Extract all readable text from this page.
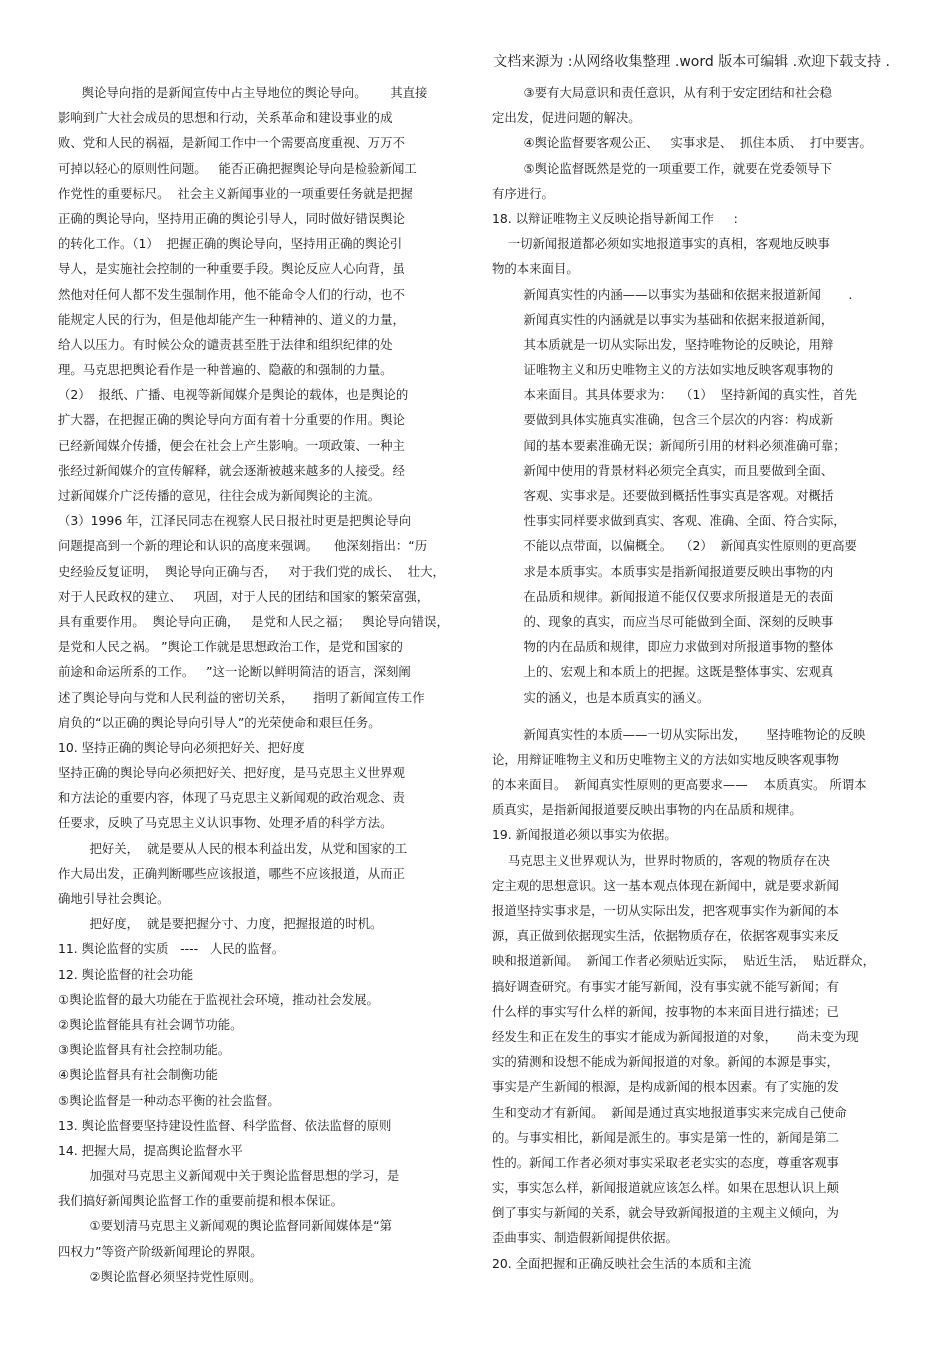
文档来源为 :从网络收集整理 .word 版本可编辑 .欢迎下载支持 .
舆论导向指的是新闻宣传中占主导地位的舆论导向。      其直接
影响到广大社会成员的思想和行动，关系革命和建设事业的成
败、党和人民的祸福，是新闻工作中一个需要高度重视、万万不
可掉以轻心的原则性问题。   能否正确把握舆论导向是检验新闻工
作党性的重要标尺。  社会主义新闻事业的一项重要任务就是把握
正确的舆论导向，坚持用正确的舆论引导人，同时做好错误舆论
的转化工作。（1）  把握正确的舆论导向，坚持用正确的舆论引
导人，是实施社会控制的一种重要手段。舆论反应人心向背，虽
然他对任何人都不发生强制作用，他不能命令人们的行动，也不
能规定人民的行为，但是他却能产生一种精神的、道义的力量，
给人以压力。有时候公众的谴责甚至胜于法律和组织纪律的处
理。马克思把舆论看作是一种普遍的、隐蔽的和强制的力量。
（2）  报纸、广播、电视等新闻媒介是舆论的载体，也是舆论的
扩大器，在把握正确的舆论导向方面有着十分重要的作用。舆论
已经新闻媒介传播，便会在社会上产生影响。一项政策、一种主
张经过新闻媒介的宣传解释，就会逐渐被越来越多的人接受。经
过新闻媒介广泛传播的意见，往往会成为新闻舆论的主流。
（3）1996 年，江泽民同志在视察人民日报社时更是把舆论导向
问题提高到一个新的理论和认识的高度来强调。    他深刻指出：“历
史经验反复证明，  舆论导向正确与否，   对于我们党的成长、  壮大，
对于人民政权的建立、   巩固，对于人民的团结和国家的繁荣富强，
具有重要作用。  舆论导向正确，   是党和人民之福；   舆论导向错误，
是党和人民之祸。 ”舆论工作就是思想政治工作，是党和国家的
前途和命运所系的工作。   ”这一论断以鲜明简洁的语言，深刻阐
述了舆论导向与党和人民利益的密切关系，     指明了新闻宣传工作
肩负的“以正确的舆论导向引导人”的光荣使命和艰巨任务。
10. 坚持正确的舆论导向必须把好关、把好度
坚持正确的舆论导向必须把好关、把好度，是马克思主义世界观
和方法论的重要内容，体现了马克思主义新闻观的政治观念、责
任要求，反映了马克思主义认识事物、处理矛盾的科学方法。
把好关，  就是要从人民的根本利益出发，从党和国家的工
作大局出发，正确判断哪些应该报道，哪些不应该报道，从而正
确地引导社会舆论。
把好度，  就是要把握分寸、力度，把握报道的时机。
11. 舆论监督的实质   ----   人民的监督。
12. 舆论监督的社会功能
①舆论监督的最大功能在于监视社会环境，推动社会发展。
②舆论监督能具有社会调节功能。
③舆论监督具有社会控制功能。
④舆论监督具有社会制衡功能
⑤舆论监督是一种动态平衡的社会监督。
13. 舆论监督要坚持建设性监督、科学监督、依法监督的原则
14. 把握大局，提高舆论监督水平
加强对马克思主义新闻观中关于舆论监督思想的学习，是
我们搞好新闻舆论监督工作的重要前提和根本保证。
①要划清马克思主义新闻观的舆论监督同新闻媒体是“第
四权力”等资产阶级新闻理论的界限。
②舆论监督必须坚持党性原则。
③要有大局意识和责任意识，从有利于安定团结和社会稳
定出发，促进问题的解决。
④舆论监督要客观公正、   实事求是、  抓住本质、  打中要害。
⑤舆论监督既然是党的一项重要工作，就要在党委领导下
有序进行。
18. 以辩证唯物主义反映论指导新闻工作     :
一切新闻报道都必须如实地报道事实的真相，客观地反映事
物的本来面目。
新闻真实性的内涵——以事实为基础和依据来报道新闻       .
新闻真实性的内涵就是以事实为基础和依据来报道新闻，
其本质就是一切从实际出发，坚持唯物论的反映论，用辩
证唯物主义和历史唯物主义的方法如实地反映客观事物的
本来面目。其具体要求为：  （1）  坚持新闻的真实性，首先
要做到具体实施真实准确，包含三个层次的内容：构成新
闻的基本要素准确无误；新闻所引用的材料必须准确可靠；
新闻中使用的背景材料必须完全真实，而且要做到全面、
客观、实事求是。还要做到概括性事实真是客观。对概括
性事实同样要求做到真实、客观、准确、全面、符合实际，
不能以点带面，以偏概全。  （2）  新闻真实性原则的更高要
求是本质事实。本质事实是指新闻报道要反映出事物的内
在品质和规律。新闻报道不能仅仅要求所报道是无的表面
的、现象的真实，而应当尽可能做到全面、深刻的反映事
物的内在品质和规律，即应力求做到对所报道事物的整体
上的、宏观上和本质上的把握。这既是整体事实、宏观真
实的涵义，也是本质真实的涵义。
新闻真实性的本质——一切从实际出发，     坚持唯物论的反映
论，用辩证唯物主义和历史唯物主义的方法如实地反映客观事物
的本来面目。  新闻真实性原则的更高要求——    本质真实。 所谓本
质真实，是指新闻报道要反映出事物的内在品质和规律。
19. 新闻报道必须以事实为依据。
马克思主义世界观认为，世界时物质的，客观的物质存在决
定主观的思想意识。这一基本观点体现在新闻中，就是要求新闻
报道坚持实事求是，一切从实际出发，把客观事实作为新闻的本
源，真正做到依据现实生活，依据物质存在，依据客观事实来反
映和报道新闻。  新闻工作者必须贴近实际，  贴近生活，  贴近群众，
搞好调查研究。有事实才能写新闻，没有事实就不能写新闻；有
什么样的事实写什么样的新闻，按事物的本来面目进行描述；已
经发生和正在发生的事实才能成为新闻报道的对象，     尚未变为现
实的猜测和设想不能成为新闻报道的对象。新闻的本源是事实，
事实是产生新闻的根源，是构成新闻的根本因素。有了实施的发
生和变动才有新闻。  新闻是通过真实地报道事实来完成自己使命
的。与事实相比，新闻是派生的。事实是第一性的，新闻是第二
性的。新闻工作者必须对事实采取老老实实的态度，尊重客观事
实，事实怎么样，新闻报道就应该怎么样。如果在思想认识上颠
倒了事实与新闻的关系，就会导致新闻报道的主观主义倾向，为
歪曲事实、制造假新闻提供依据。
20. 全面把握和正确反映社会生活的本质和主流
